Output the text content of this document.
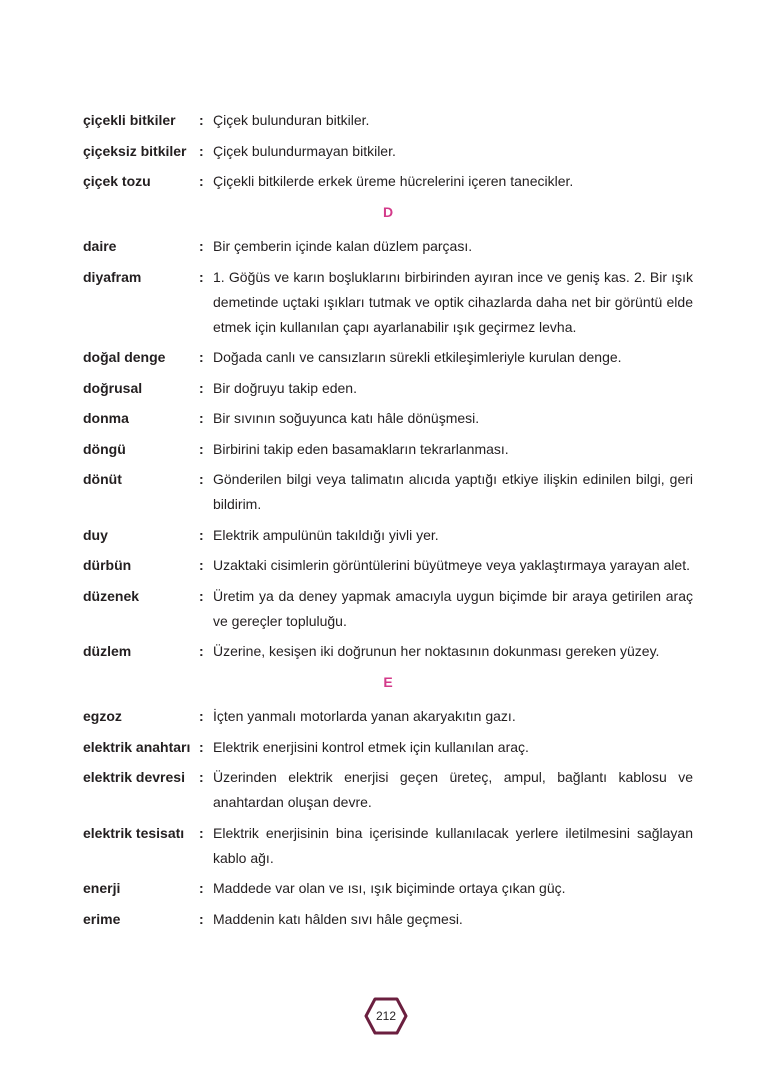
çiçekli bitkiler	: Çiçek bulunduran bitkiler.
çiçeksiz bitkiler : Çiçek bulundurmayan bitkiler.
çiçek tozu	: Çiçekli bitkilerde erkek üreme hücrelerini içeren tanecikler.
D
daire	: Bir çemberin içinde kalan düzlem parçası.
diyafram	: 1. Göğüs ve karın boşluklarını birbirinden ayıran ince ve geniş kas. 2. Bir ışık demetinde uçtaki ışıkları tutmak ve optik cihazlarda daha net bir görüntü elde etmek için kullanılan çapı ayarlanabilir ışık geçirmez levha.
doğal denge	: Doğada canlı ve cansızların sürekli etkileşimleriyle kurulan denge.
doğrusal	: Bir doğruyu takip eden.
donma	: Bir sıvının soğuyunca katı hâle dönüşmesi.
döngü	: Birbirini takip eden basamakların tekrarlanması.
dönüt	: Gönderilen bilgi veya talimatın alıcıda yaptığı etkiye ilişkin edinilen bilgi, geri bildirim.
duy	: Elektrik ampulünün takıldığı yivli yer.
dürbün	: Uzaktaki cisimlerin görüntülerini büyütmeye veya yaklaştırmaya yarayan alet.
düzenek	: Üretim ya da deney yapmak amacıyla uygun biçimde bir araya getirilen araç ve gereçler topluluğu.
düzlem	: Üzerine, kesişen iki doğrunun her noktasının dokunması gereken yüzey.
E
egzoz	: İçten yanmalı motorlarda yanan akaryakıtın gazı.
elektrik anahtarı : Elektrik enerjisini kontrol etmek için kullanılan araç.
elektrik devresi	: Üzerinden elektrik enerjisi geçen üreteç, ampul, bağlantı kablosu ve anahtardan oluşan devre.
elektrik tesisatı	: Elektrik enerjisinin bina içerisinde kullanılacak yerlere iletilmesini sağlayan kablo ağı.
enerji	: Maddede var olan ve ısı, ışık biçiminde ortaya çıkan güç.
erime	: Maddenin katı hâlden sıvı hâle geçmesi.
212
